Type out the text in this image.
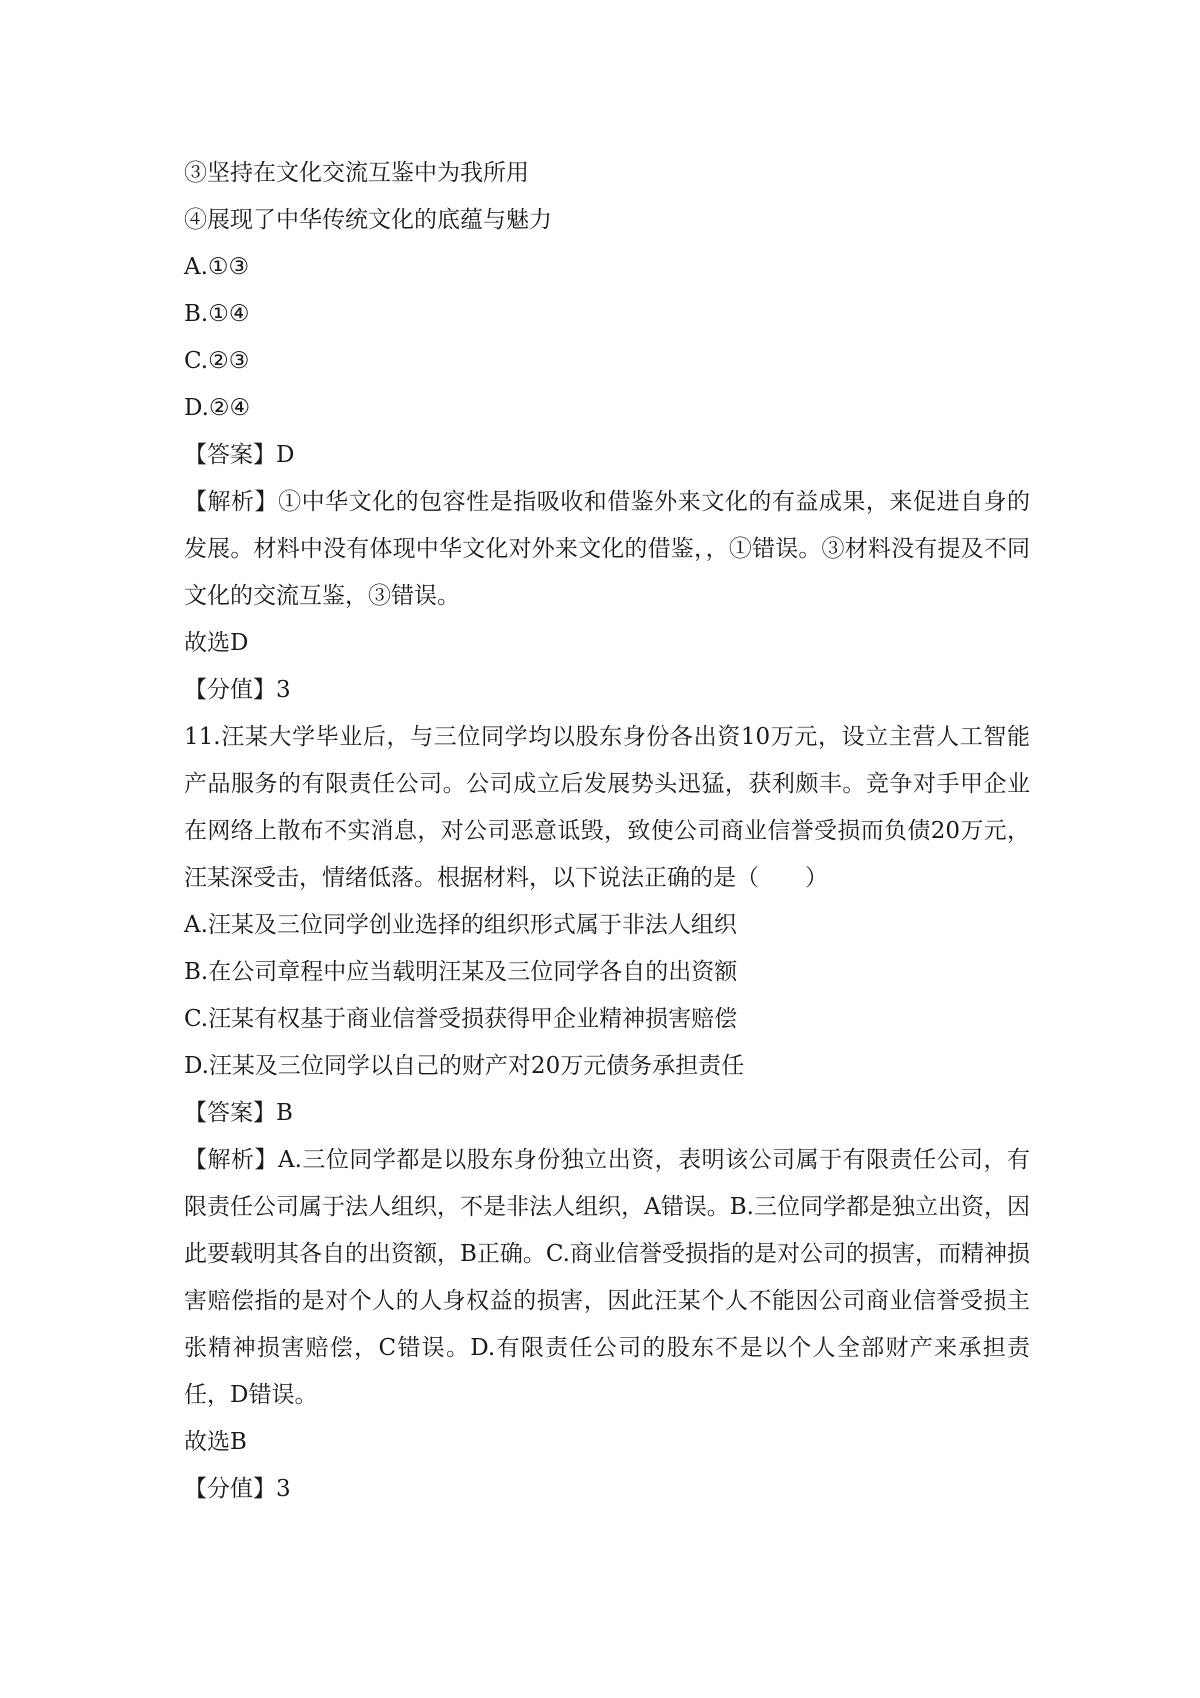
③坚持在文化交流互鉴中为我所用
④展现了中华传统文化的底蕴与魅力
A.①③
B.①④
C.②③
D.②④
【答案】D
【解析】①中华文化的包容性是指吸收和借鉴外来文化的有益成果，来促进自身的发展。材料中没有体现中华文化对外来文化的借鉴，，①错误。③材料没有提及不同文化的交流互鉴，③错误。
故选D
【分值】3
11.汪某大学毕业后，与三位同学均以股东身份各出资10万元，设立主营人工智能产品服务的有限责任公司。公司成立后发展势头迅猛，获利颇丰。竞争对手甲企业在网络上散布不实消息，对公司恶意诋毁，致使公司商业信誉受损而负债20万元，汪某深受击，情绪低落。根据材料，以下说法正确的是（　　）
A.汪某及三位同学创业选择的组织形式属于非法人组织
B.在公司章程中应当载明汪某及三位同学各自的出资额
C.汪某有权基于商业信誉受损获得甲企业精神损害赔偿
D.汪某及三位同学以自己的财产对20万元债务承担责任
【答案】B
【解析】A.三位同学都是以股东身份独立出资，表明该公司属于有限责任公司，有限责任公司属于法人组织，不是非法人组织，A错误。B.三位同学都是独立出资，因此要载明其各自的出资额，B正确。C.商业信誉受损指的是对公司的损害，而精神损害赔偿指的是对个人的人身权益的损害，因此汪某个人不能因公司商业信誉受损主张精神损害赔偿，C错误。D.有限责任公司的股东不是以个人全部财产来承担责任，D错误。
故选B
【分值】3
